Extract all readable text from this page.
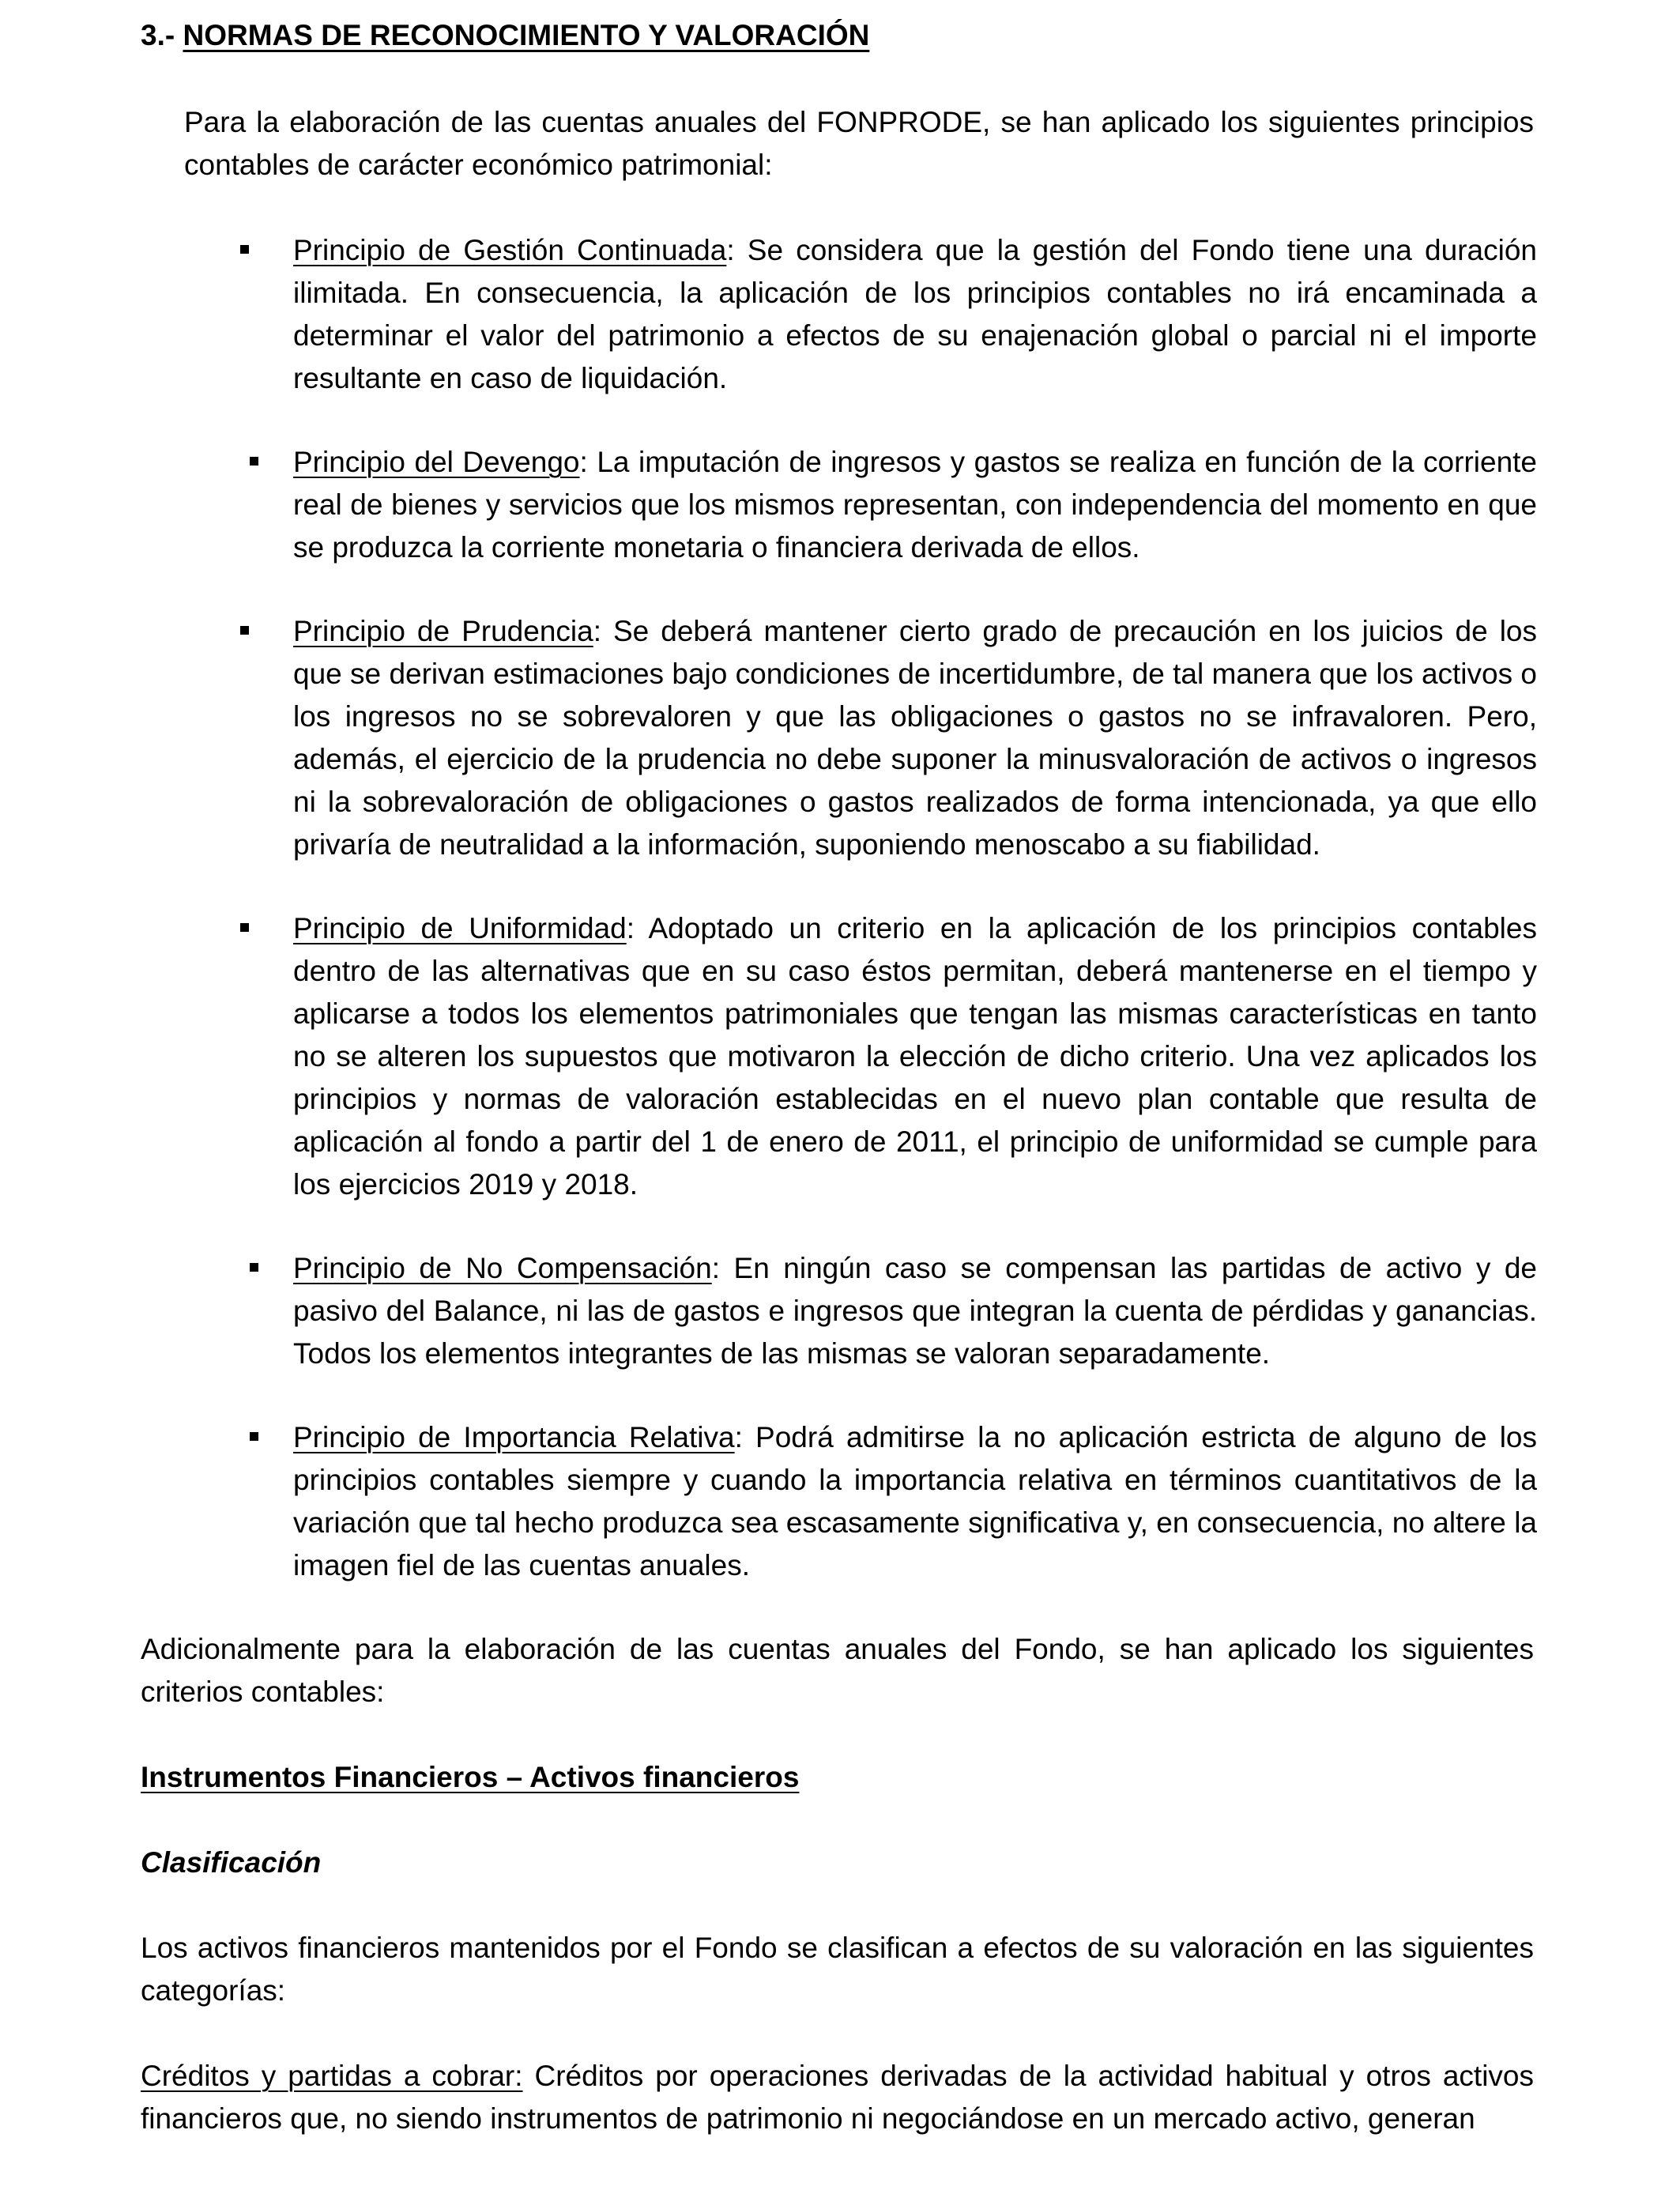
3.- NORMAS DE RECONOCIMIENTO Y VALORACIÓN
Para la elaboración de las cuentas anuales del FONPRODE, se han aplicado los siguientes principios contables de carácter económico patrimonial:
Principio de Gestión Continuada: Se considera que la gestión del Fondo tiene una duración ilimitada. En consecuencia, la aplicación de los principios contables no irá encaminada a determinar el valor del patrimonio a efectos de su enajenación global o parcial ni el importe resultante en caso de liquidación.
Principio del Devengo: La imputación de ingresos y gastos se realiza en función de la corriente real de bienes y servicios que los mismos representan, con independencia del momento en que se produzca la corriente monetaria o financiera derivada de ellos.
Principio de Prudencia: Se deberá mantener cierto grado de precaución en los juicios de los que se derivan estimaciones bajo condiciones de incertidumbre, de tal manera que los activos o los ingresos no se sobrevaloren y que las obligaciones o gastos no se infravaloren. Pero, además, el ejercicio de la prudencia no debe suponer la minusvaloración de activos o ingresos ni la sobrevaloración de obligaciones o gastos realizados de forma intencionada, ya que ello privaría de neutralidad a la información, suponiendo menoscabo a su fiabilidad.
Principio de Uniformidad: Adoptado un criterio en la aplicación de los principios contables dentro de las alternativas que en su caso éstos permitan, deberá mantenerse en el tiempo y aplicarse a todos los elementos patrimoniales que tengan las mismas características en tanto no se alteren los supuestos que motivaron la elección de dicho criterio. Una vez aplicados los principios y normas de valoración establecidas en el nuevo plan contable que resulta de aplicación al fondo a partir del 1 de enero de 2011, el principio de uniformidad se cumple para los ejercicios 2019 y 2018.
Principio de No Compensación: En ningún caso se compensan las partidas de activo y de pasivo del Balance, ni las de gastos e ingresos que integran la cuenta de pérdidas y ganancias. Todos los elementos integrantes de las mismas se valoran separadamente.
Principio de Importancia Relativa: Podrá admitirse la no aplicación estricta de alguno de los principios contables siempre y cuando la importancia relativa en términos cuantitativos de la variación que tal hecho produzca sea escasamente significativa y, en consecuencia, no altere la imagen fiel de las cuentas anuales.
Adicionalmente para la elaboración de las cuentas anuales del Fondo, se han aplicado los siguientes criterios contables:
Instrumentos Financieros – Activos financieros
Clasificación
Los activos financieros mantenidos por el Fondo se clasifican a efectos de su valoración en las siguientes categorías:
Créditos y partidas a cobrar: Créditos por operaciones derivadas de la actividad habitual y otros activos financieros que, no siendo instrumentos de patrimonio ni negociándose en un mercado activo, generan
